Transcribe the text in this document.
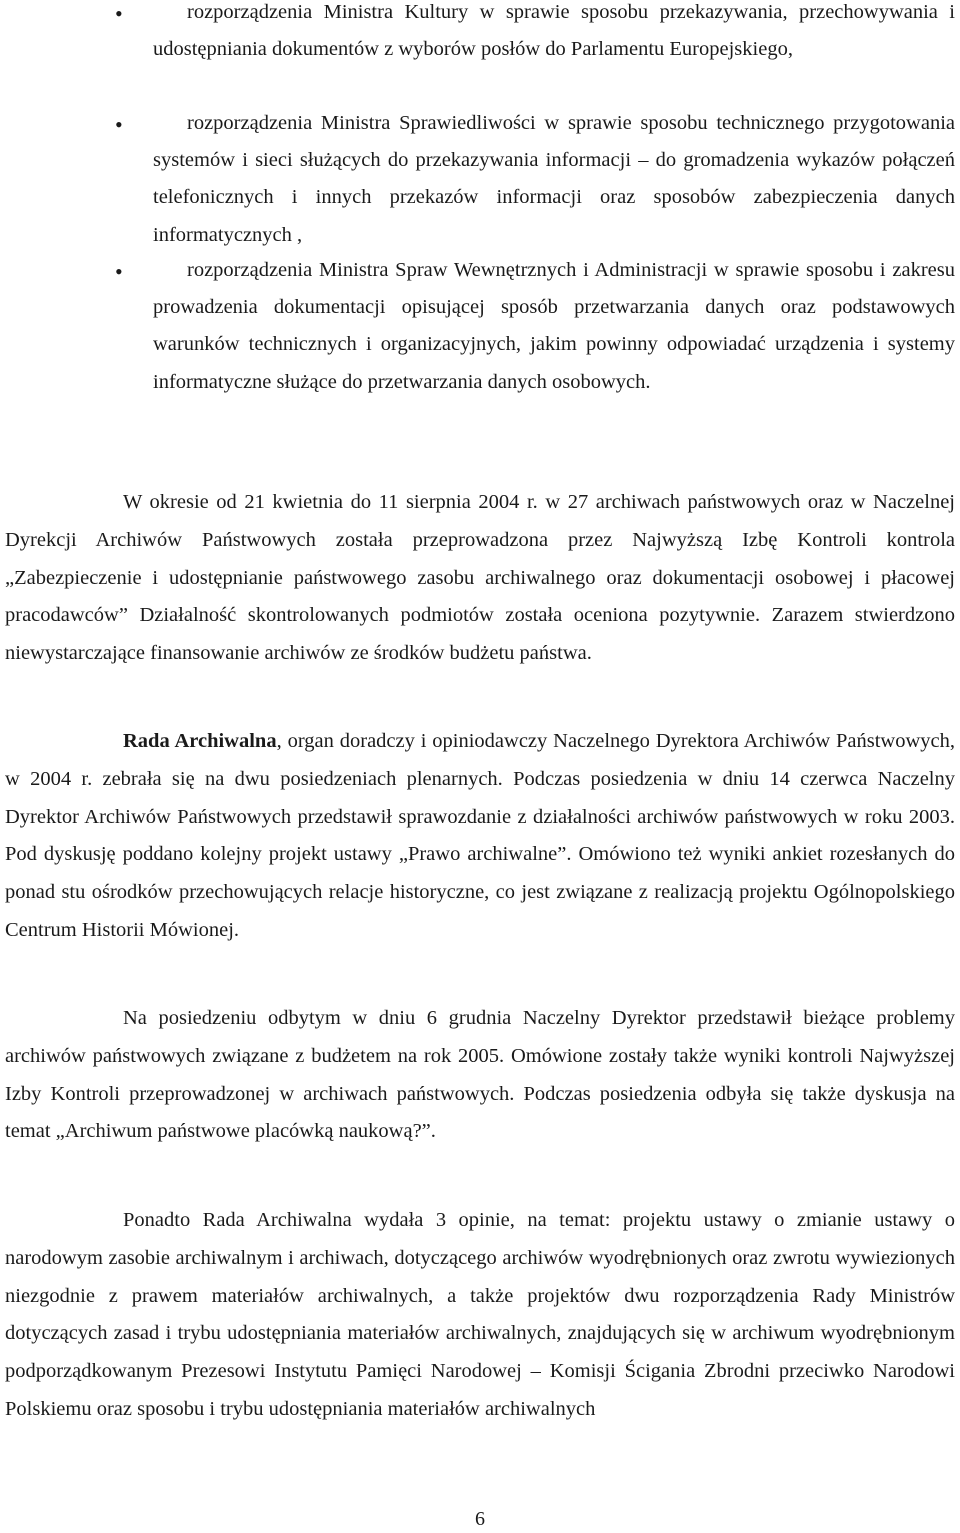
•	rozporządzenia Ministra Kultury w sprawie sposobu przekazywania, przechowywania i udostępniania dokumentów z wyborów posłów do Parlamentu Europejskiego,
•	rozporządzenia Ministra Sprawiedliwości w sprawie sposobu technicznego przygotowania systemów i sieci służących do przekazywania informacji – do gromadzenia wykazów połączeń telefonicznych i innych przekazów informacji oraz sposobów zabezpieczenia danych informatycznych ,
•	rozporządzenia Ministra Spraw Wewnętrznych i Administracji w sprawie sposobu i zakresu prowadzenia dokumentacji opisującej sposób przetwarzania danych oraz podstawowych warunków technicznych i organizacyjnych, jakim powinny odpowiadać urządzenia i systemy informatyczne służące do przetwarzania danych osobowych.

W okresie od 21 kwietnia do 11 sierpnia 2004 r. w 27 archiwach państwowych oraz w Naczelnej Dyrekcji Archiwów Państwowych została przeprowadzona przez Najwyższą Izbę Kontroli kontrola „Zabezpieczenie i udostępnianie państwowego zasobu archiwalnego oraz dokumentacji osobowej i płacowej pracodawców” Działalność skontrolowanych podmiotów została oceniona pozytywnie. Zarazem stwierdzono niewystarczające finansowanie archiwów ze środków budżetu państwa.

Rada Archiwalna, organ doradczy i opiniodawczy Naczelnego Dyrektora Archiwów Państwowych, w 2004 r. zebrała się na dwu posiedzeniach plenarnych. Podczas posiedzenia w dniu 14 czerwca Naczelny Dyrektor Archiwów Państwowych przedstawił sprawozdanie z działalności archiwów państwowych w roku 2003. Pod dyskusję poddano kolejny projekt ustawy „Prawo archiwalne”. Omówiono też wyniki ankiet rozesłanych do ponad stu ośrodków przechowujących relacje historyczne, co jest związane z realizacją projektu Ogólnopolskiego Centrum Historii Mówionej.

Na posiedzeniu odbytym w dniu 6 grudnia Naczelny Dyrektor przedstawił bieżące problemy archiwów państwowych związane z budżetem na rok 2005. Omówione zostały także wyniki kontroli Najwyższej Izby Kontroli przeprowadzonej w archiwach państwowych. Podczas posiedzenia odbyła się także dyskusja na temat „Archiwum państwowe placówką naukową?”.

Ponadto Rada Archiwalna wydała 3 opinie, na temat: projektu ustawy o zmianie ustawy o narodowym zasobie archiwalnym i archiwach, dotyczącego archiwów wyodrębnionych oraz zwrotu wywiezionych niezgodnie z prawem materiałów archiwalnych, a także projektów dwu rozporządzenia Rady Ministrów dotyczących zasad i trybu udostępniania materiałów archiwalnych, znajdujących się w archiwum wyodrębnionym podporządkowanym Prezesowi Instytutu Pamięci Narodowej – Komisji Ścigania Zbrodni przeciwko Narodowi Polskiemu oraz sposobu i trybu udostępniania materiałów archiwalnych

6
